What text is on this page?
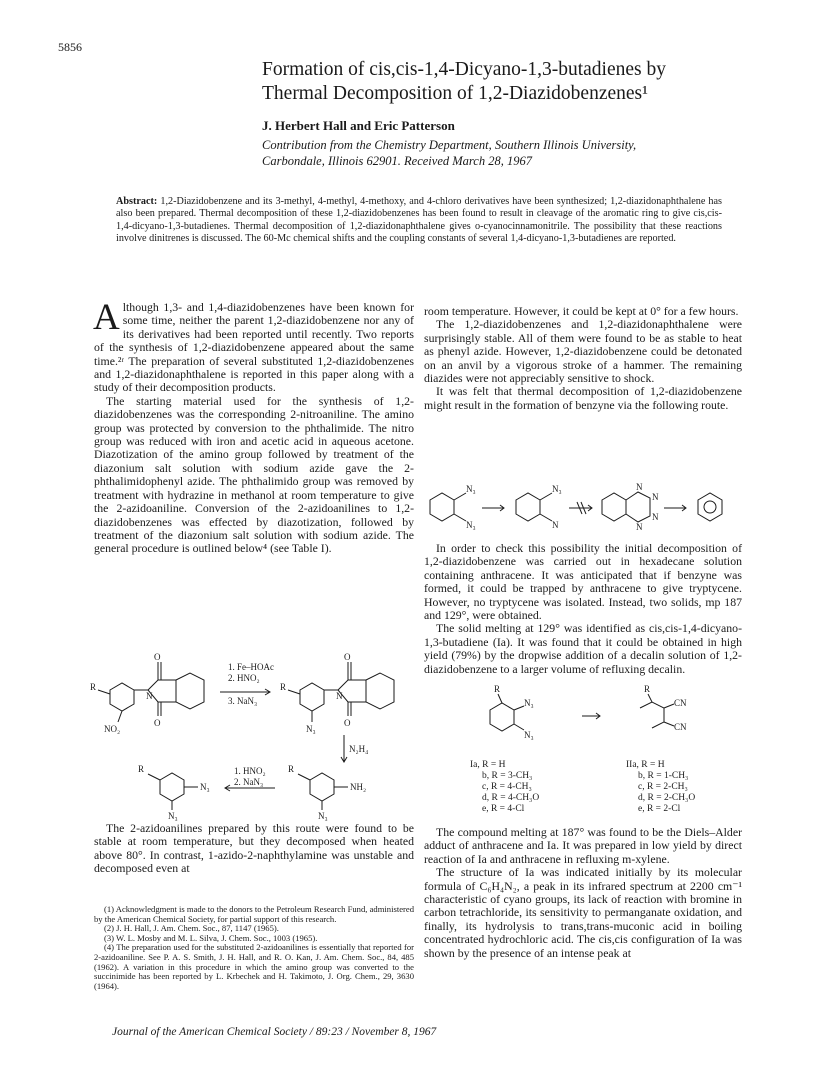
5856
Formation of cis,cis-1,4-Dicyano-1,3-butadienes by
Thermal Decomposition of 1,2-Diazidobenzenes¹
J. Herbert Hall and Eric Patterson
Contribution from the Chemistry Department, Southern Illinois University,
Carbondale, Illinois 62901. Received March 28, 1967
Abstract: 1,2-Diazidobenzene and its 3-methyl, 4-methyl, 4-methoxy, and 4-chloro derivatives have been synthesized; 1,2-diazidonaphthalene has also been prepared. Thermal decomposition of these 1,2-diazidobenzenes has been found to result in cleavage of the aromatic ring to give cis,cis-1,4-dicyano-1,3-butadienes. Thermal decomposition of 1,2-diazidonaphthalene gives o-cyanocinnamonitrile. The possibility that these reactions involve dinitrenes is discussed. The 60-Mc chemical shifts and the coupling constants of several 1,4-dicyano-1,3-butadienes are reported.

Although 1,3- and 1,4-diazidobenzenes have been known for some time, neither the parent 1,2-diazidobenzene nor any of its derivatives had been reported until recently. Two reports of the synthesis of 1,2-diazidobenzene appeared about the same time.²ʳ The preparation of several substituted 1,2-diazidobenzenes and 1,2-diazidonaphthalene is reported in this paper along with a study of their decomposition products.

The starting material used for the synthesis of 1,2-diazidobenzenes was the corresponding 2-nitroaniline. The amino group was protected by conversion to the phthalimide. The nitro group was reduced with iron and acetic acid in aqueous acetone. Diazotization of the amino group followed by treatment of the diazonium salt solution with sodium azide gave the 2-phthalimidophenyl azide. The phthalimido group was removed by treatment with hydrazine in methanol at room temperature to give the 2-azidoaniline. Conversion of the 2-azidoanilines to 1,2-diazidobenzenes was effected by diazotization, followed by treatment of the diazonium salt solution with sodium azide. The general procedure is outlined below⁴ (see Table I).

R
O
O
N
NO₂
R
O
O
N
N₃
1. Fe–HOAc
2. HNO₂
3. NaN₃
N₂H₄
1. HNO₂
2. NaN₃
R
N₃
N₃
R
NH₂
N₃

The 2-azidoanilines prepared by this route were found to be stable at room temperature, but they decomposed when heated above 80°. In contrast, 1-azido-2-naphthylamine was unstable and decomposed even at

(1) Acknowledgment is made to the donors to the Petroleum Research Fund, administered by the American Chemical Society, for partial support of this research.
(2) J. H. Hall, J. Am. Chem. Soc., 87, 1147 (1965).
(3) W. L. Mosby and M. L. Silva, J. Chem. Soc., 1003 (1965).
(4) The preparation used for the substituted 2-azidoanilines is essentially that reported for 2-azidoaniline. See P. A. S. Smith, J. H. Hall, and R. O. Kan, J. Am. Chem. Soc., 84, 485 (1962). A variation in this procedure in which the amino group was converted to the succinimide has been reported by L. Krbechek and H. Takimoto, J. Org. Chem., 29, 3630 (1964).

room temperature. However, it could be kept at 0° for a few hours.

The 1,2-diazidobenzenes and 1,2-diazidonaphthalene were surprisingly stable. All of them were found to be as stable to heat as phenyl azide. However, 1,2-diazidobenzene could be detonated on an anvil by a vigorous stroke of a hammer. The remaining diazides were not appreciably sensitive to shock.

It was felt that thermal decomposition of 1,2-diazidobenzene might result in the formation of benzyne via the following route.

N₃
N₃
N₃
N
N
N
N
N

In order to check this possibility the initial decomposition of 1,2-diazidobenzene was carried out in hexadecane solution containing anthracene. It was anticipated that if benzyne was formed, it could be trapped by anthracene to give tryptycene. However, no tryptycene was isolated. Instead, two solids, mp 187 and 129°, were obtained.

The solid melting at 129° was identified as cis,cis-1,4-dicyano-1,3-butadiene (Ia). It was found that it could be obtained in high yield (79%) by the dropwise addition of a decalin solution of 1,2-diazidobenzene to a larger volume of refluxing decalin.

R
N₃
N₃
R
CN
CN
Ia, R = H
b, R = 3-CH₃
c, R = 4-CH₃
d, R = 4-CH₃O
e, R = 4-Cl
IIa, R = H
b, R = 1-CH₃
c, R = 2-CH₃
d, R = 2-CH₃O
e, R = 2-Cl

The compound melting at 187° was found to be the Diels–Alder adduct of anthracene and Ia. It was prepared in low yield by direct reaction of Ia and anthracene in refluxing m-xylene.

The structure of Ia was indicated initially by its molecular formula of C₆H₄N₂, a peak in its infrared spectrum at 2200 cm⁻¹ characteristic of cyano groups, its lack of reaction with bromine in carbon tetrachloride, its sensitivity to permanganate oxidation, and finally, its hydrolysis to trans,trans-muconic acid in boiling concentrated hydrochloric acid. The cis,cis configuration of Ia was shown by the presence of an intense peak at

Journal of the American Chemical Society / 89:23 / November 8, 1967
